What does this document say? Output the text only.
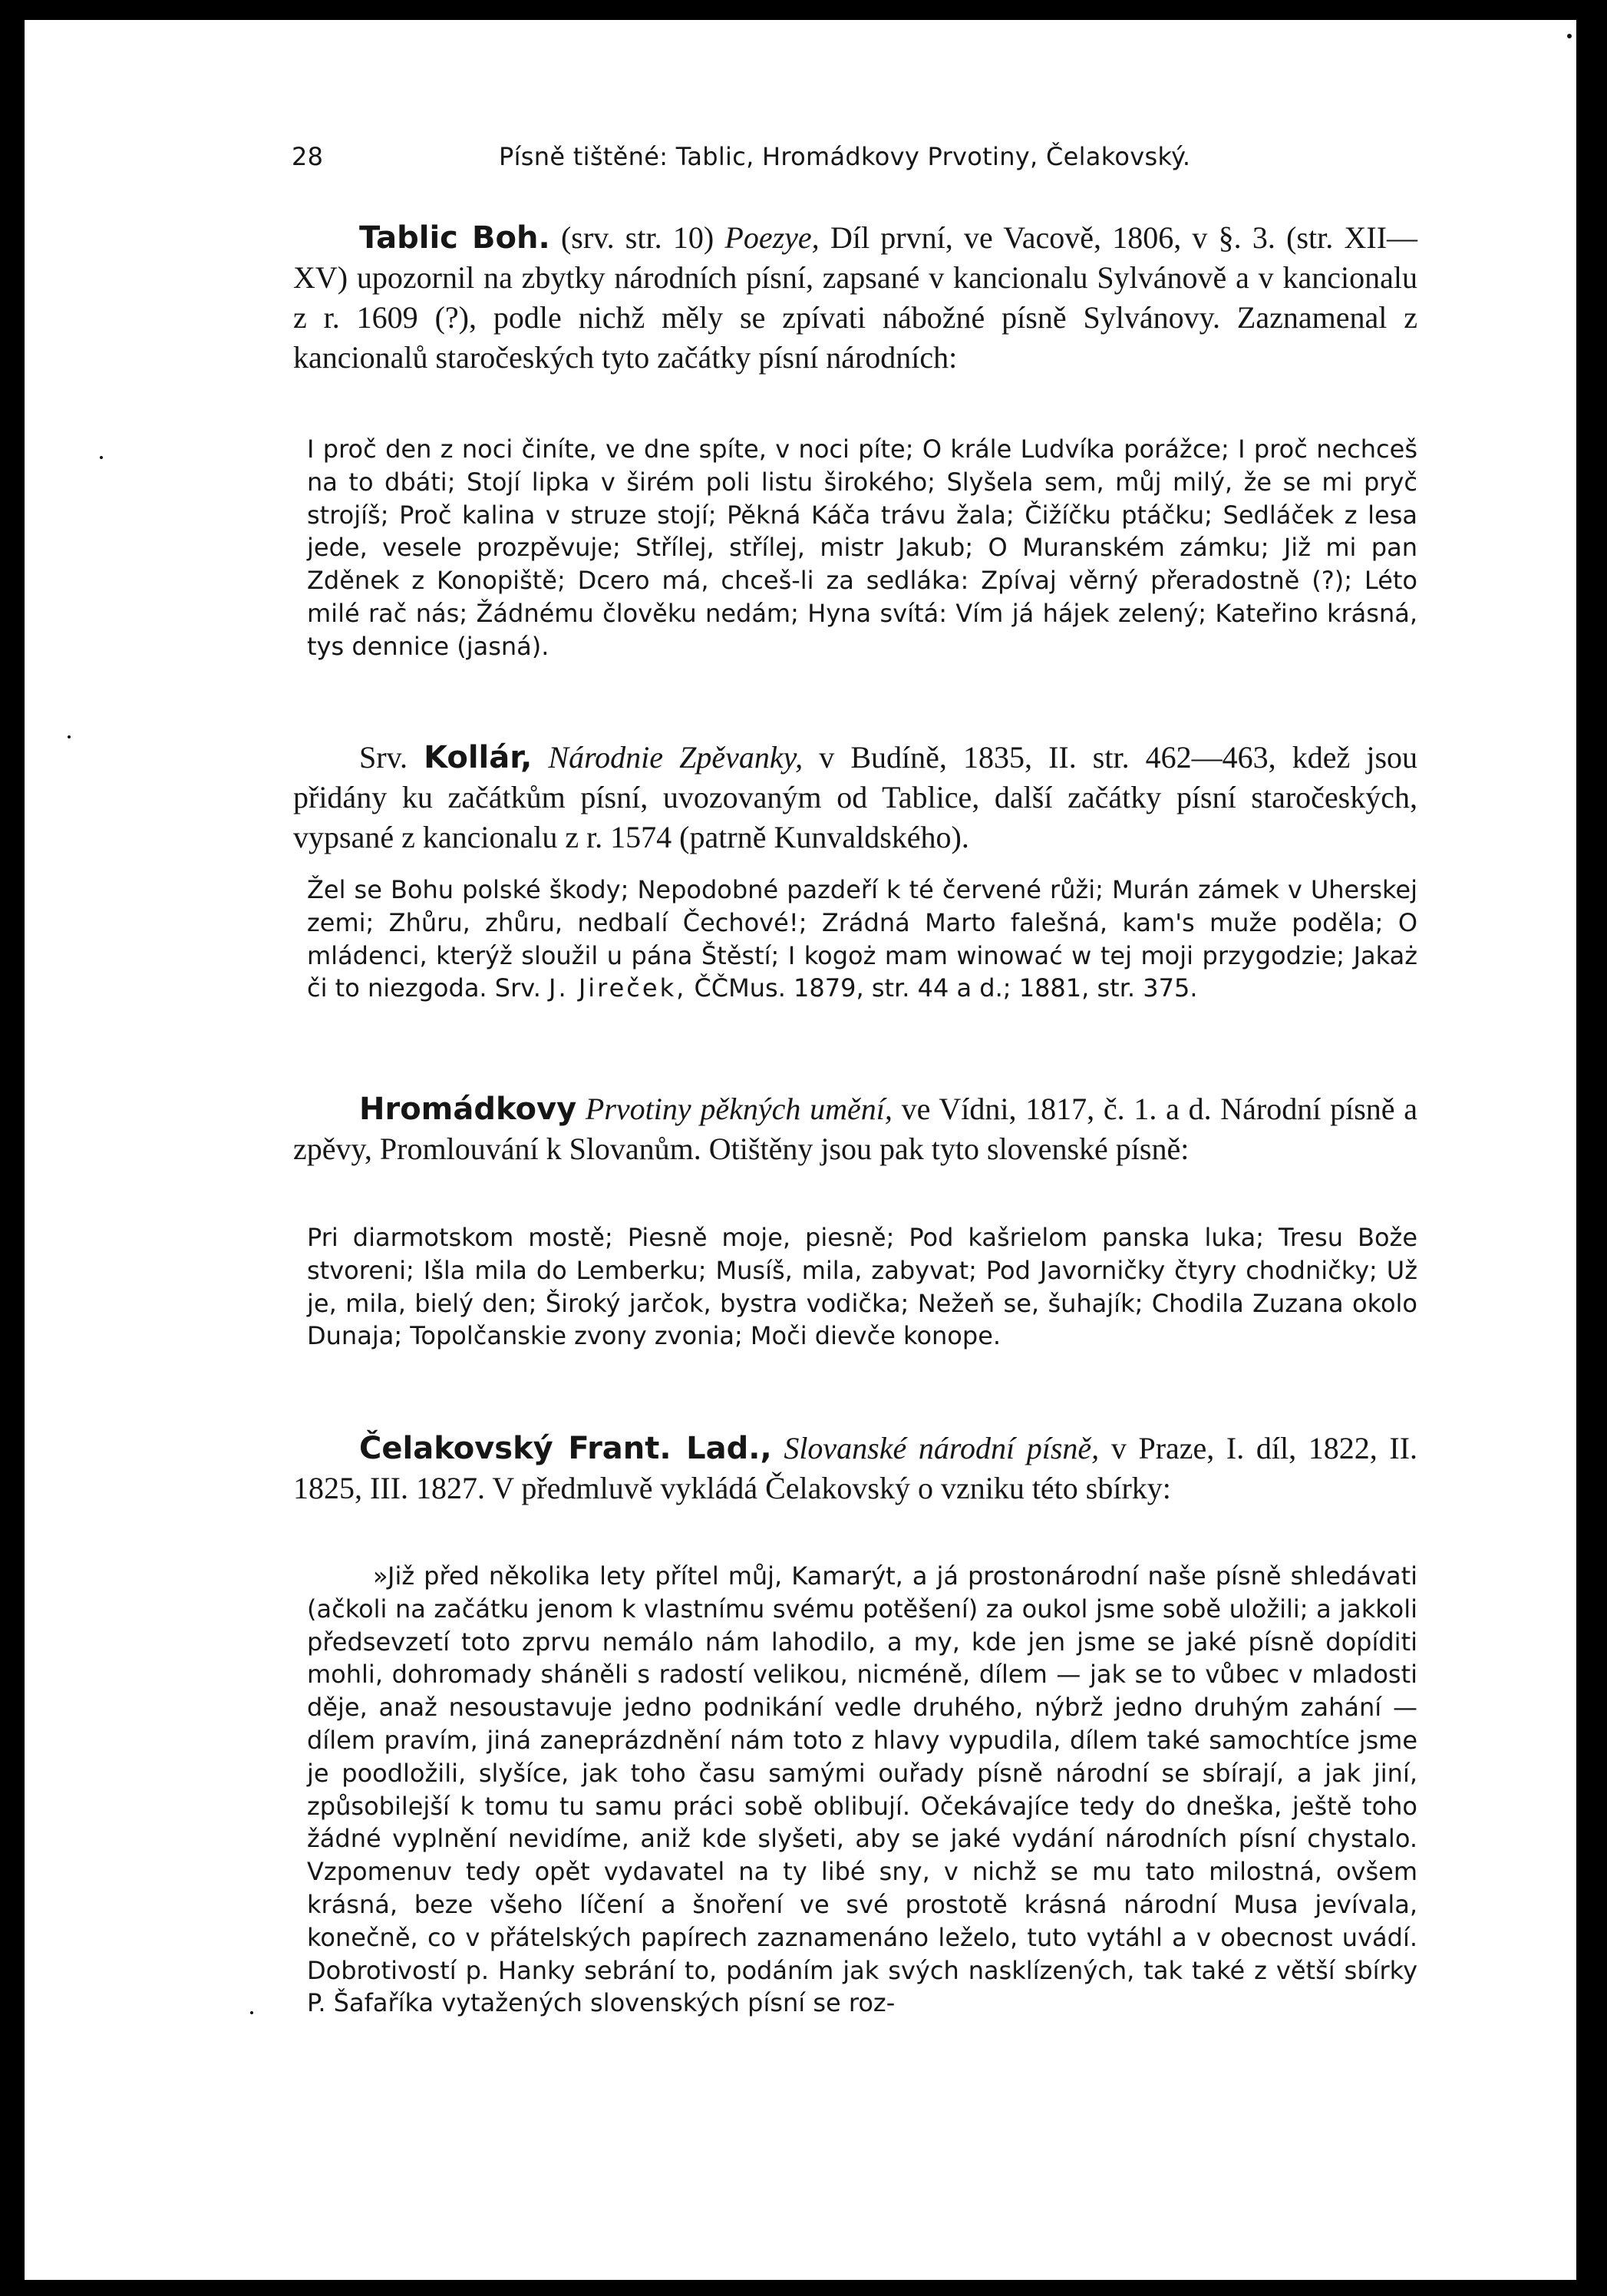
28	Písně tištěné: Tablic, Hromádkovy Prvotiny, Čelakovský.
Tablic Boh. (srv. str. 10) Poezye, Díl první, ve Vacově, 1806, v §. 3. (str. XII—XV) upozornil na zbytky národních písní, zapsané v kancionalu Sylvánově a v kancionalu z r. 1609 (?), podle nichž měly se zpívati nábožné písně Sylvánovy. Zaznamenal z kancionalů staročeských tyto začátky písní národních:
I proč den z noci činíte, ve dne spíte, v noci píte; O krále Ludvíka porážce; I proč nechceš na to dbáti; Stojí lipka v širém poli listu širokého; Slyšela sem, můj milý, že se mi pryč strojíš; Proč kalina v struze stojí; Pěkná Káča trávu žala; Čižíčku ptáčku; Sedláček z lesa jede, vesele prozpěvuje; Střílej, střílej, mistr Jakub; O Muranském zámku; Již mi pan Zděnek z Konopiště; Dcero má, chceš-li za sedláka: Zpívaj věrný přeradostně (?); Léto milé rač nás; Žádnému člověku nedám; Hyna svítá: Vím já hájek zelený; Kateřino krásná, tys dennice (jasná).
Srv. Kollár, Národnie Zpěvanky, v Budíně, 1835, II. str. 462—463, kdež jsou přidány ku začátkům písní, uvozovaným od Tablice, další začátky písní staročeských, vypsané z kancionalu z r. 1574 (patrně Kunvaldského).
Žel se Bohu polské škody; Nepodobné pazdeří k té červené růži; Murán zámek v Uherskej zemi; Zhůru, zhůru, nedbalí Čechové!; Zrádná Marto falešná, kam's muže poděla; O mládenci, kterýž sloužil u pána Štěstí; I kogoż mam winować w tej moji przygodzie; Jakaż či to niezgoda. Srv. J. Jireček, ČČMus. 1879, str. 44 a d.; 1881, str. 375.
Hromádkovy Prvotiny pěkných umění, ve Vídni, 1817, č. 1. a d. Národní písně a zpěvy, Promlouvání k Slovanům. Otištěny jsou pak tyto slovenské písně:
Pri diarmotskom mostě; Piesně moje, piesně; Pod kašrielom panska luka; Tresu Bože stvoreni; Išla mila do Lemberku; Musíš, mila, zabyvat; Pod Javorničky čtyry chodničky; Už je, mila, bielý den; Široký jarčok, bystra vodička; Nežeň se, šuhajík; Chodila Zuzana okolo Dunaja; Topolčanskie zvony zvonia; Moči dievče konope.
Čelakovský Frant. Lad., Slovanské národní písně, v Praze, I. díl, 1822, II. 1825, III. 1827. V předmluvě vykládá Čelakovský o vzniku této sbírky:
»Již před několika lety přítel můj, Kamarýt, a já prostonárodní naše písně shledávati (ačkoli na začátku jenom k vlastnímu svému potěšení) za oukol jsme sobě uložili; a jakkoli předsevzetí toto zprvu nemálo nám lahodilo, a my, kde jen jsme se jaké písně dopíditi mohli, dohromady sháněli s radostí velikou, nicméně, dílem — jak se to vůbec v mladosti děje, anaž nesoustavuje jedno podnikání vedle druhého, nýbrž jedno druhým zahání — dílem pravím, jiná zaneprázdnění nám toto z hlavy vypudila, dílem také samochtíce jsme je poodložili, slyšíce, jak toho času samými ouřady písně národní se sbírají, a jak jiní, způsobilejší k tomu tu samu práci sobě oblibují. Očekávajíce tedy do dneška, ještě toho žádné vyplnění nevidíme, aniž kde slyšeti, aby se jaké vydání národních písní chystalo. Vzpomenuv tedy opět vydavatel na ty libé sny, v nichž se mu tato milostná, ovšem krásná, beze všeho líčení a šnoření ve své prostotě krásná národní Musa jevívala, konečně, co v přátelských papírech zaznamenáno leželo, tuto vytáhl a v obecnost uvádí. Dobrotivostí p. Hanky sebrání to, podáním jak svých nasklízených, tak také z větší sbírky P. Šafaříka vytažených slovenských písní se roz-
